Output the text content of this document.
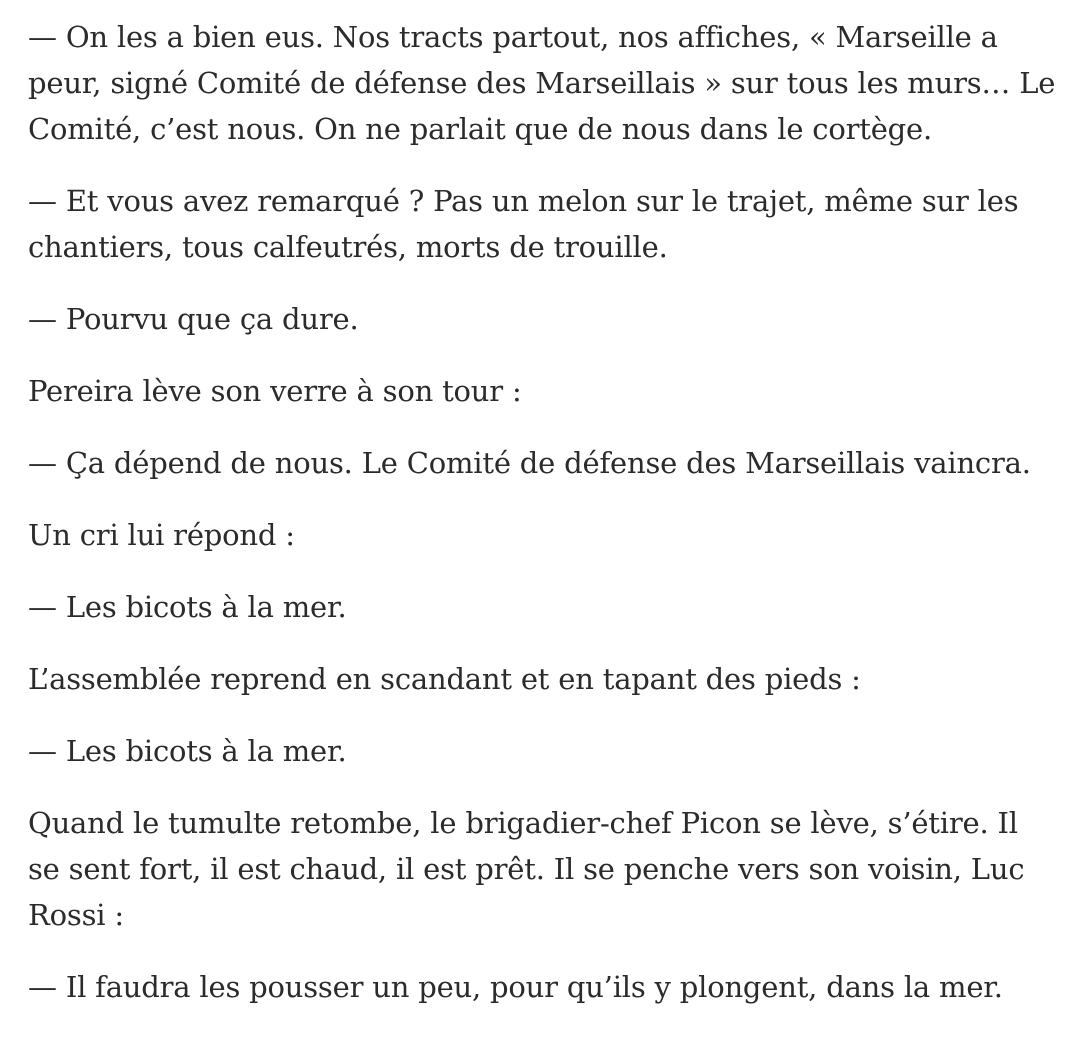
— On les a bien eus. Nos tracts partout, nos affiches, « Marseille a peur, signé Comité de défense des Marseillais » sur tous les murs… Le Comité, c’est nous. On ne parlait que de nous dans le cortège.

— Et vous avez remarqué ? Pas un melon sur le trajet, même sur les chantiers, tous calfeutrés, morts de trouille.

— Pourvu que ça dure.

Pereira lève son verre à son tour :

— Ça dépend de nous. Le Comité de défense des Marseillais vaincra.

Un cri lui répond :

— Les bicots à la mer.

L’assemblée reprend en scandant et en tapant des pieds :

— Les bicots à la mer.

Quand le tumulte retombe, le brigadier-chef Picon se lève, s’étire. Il se sent fort, il est chaud, il est prêt. Il se penche vers son voisin, Luc Rossi :

— Il faudra les pousser un peu, pour qu’ils y plongent, dans la mer.
